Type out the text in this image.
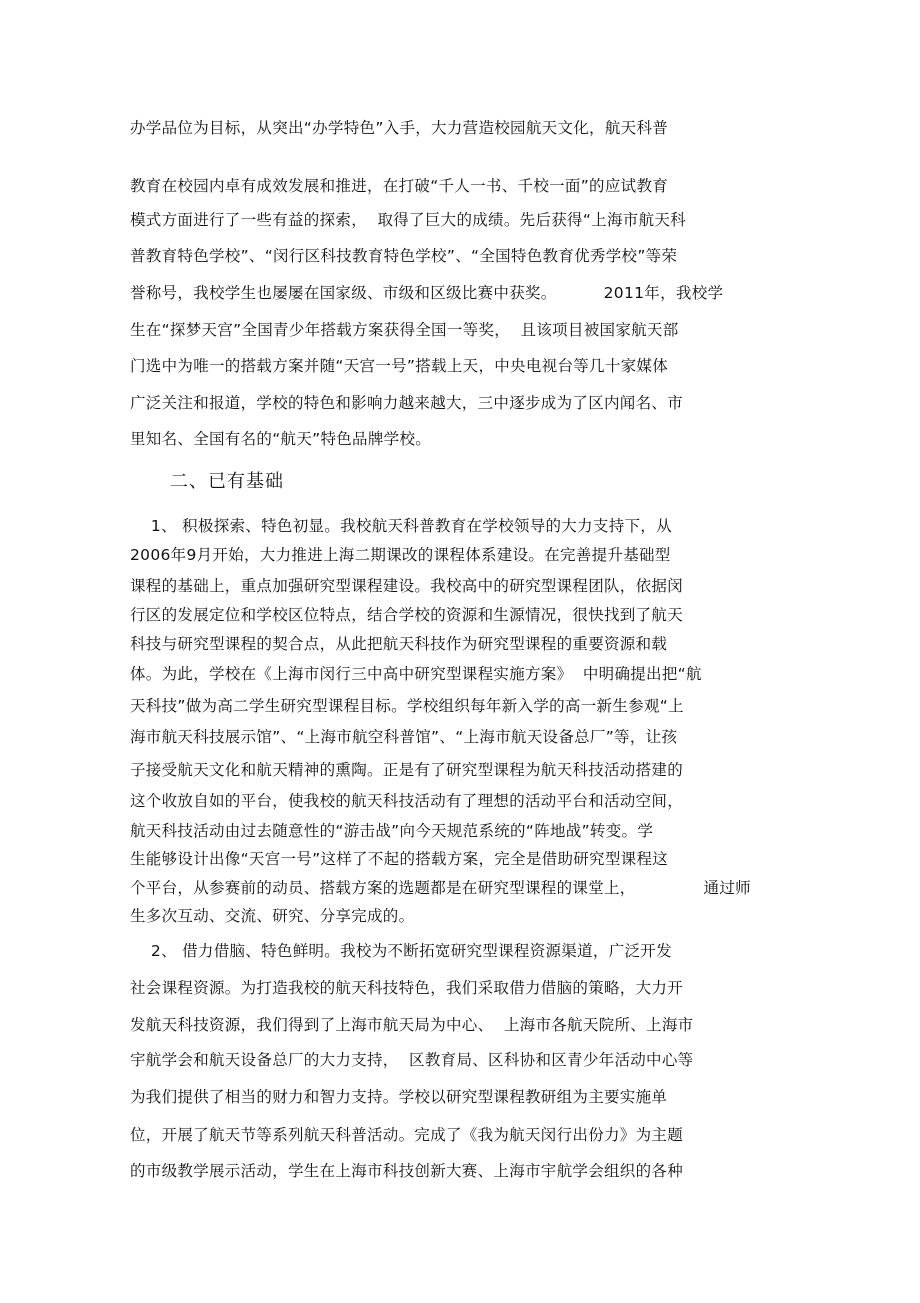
办学品位为目标，从突出“办学特色”入手，大力营造校园航天文化，航天科普
教育在校园内卓有成效发展和推进，在打破“千人一书、千校一面”的应试教育
模式方面进行了一些有益的探索，  取得了巨大的成绩。先后获得“上海市航天科
普教育特色学校”、“闵行区科技教育特色学校”、“全国特色教育优秀学校”等荣
誉称号，我校学生也屡屡在国家级、市级和区级比赛中获奖。         2011年，我校学
生在“探梦天宫”全国青少年搭载方案获得全国一等奖，  且该项目被国家航天部
门选中为唯一的搭载方案并随“天宫一号”搭载上天，中央电视台等几十家媒体
广泛关注和报道，学校的特色和影响力越来越大，三中逐步成为了区内闻名、市
里知名、全国有名的“航天”特色品牌学校。
二、已有基础
1、 积极探索、特色初显。我校航天科普教育在学校领导的大力支持下，从
2006年9月开始，大力推进上海二期课改的课程体系建设。在完善提升基础型
课程的基础上，重点加强研究型课程建设。我校高中的研究型课程团队，依据闵
行区的发展定位和学校区位特点，结合学校的资源和生源情况，很快找到了航天
科技与研究型课程的契合点，从此把航天科技作为研究型课程的重要资源和载
体。为此，学校在《上海市闵行三中高中研究型课程实施方案》  中明确提出把“航
天科技”做为高二学生研究型课程目标。学校组织每年新入学的高一新生参观“上
海市航天科技展示馆”、“上海市航空科普馆”、“上海市航天设备总厂”等，让孩
子接受航天文化和航天精神的熏陶。正是有了研究型课程为航天科技活动搭建的
这个收放自如的平台，使我校的航天科技活动有了理想的活动平台和活动空间，
航天科技活动由过去随意性的“游击战”向今天规范系统的“阵地战”转变。学
生能够设计出像“天宫一号”这样了不起的搭载方案，完全是借助研究型课程这
个平台，从参赛前的动员、搭载方案的选题都是在研究型课程的课堂上，             通过师
生多次互动、交流、研究、分享完成的。
2、 借力借脑、特色鲜明。我校为不断拓宽研究型课程资源渠道，广泛开发
社会课程资源。为打造我校的航天科技特色，我们采取借力借脑的策略，大力开
发航天科技资源，我们得到了上海市航天局为中心、  上海市各航天院所、上海市
宇航学会和航天设备总厂的大力支持，  区教育局、区科协和区青少年活动中心等
为我们提供了相当的财力和智力支持。学校以研究型课程教研组为主要实施单
位，开展了航天节等系列航天科普活动。完成了《我为航天闵行出份力》为主题
的市级教学展示活动，学生在上海市科技创新大赛、上海市宇航学会组织的各种
